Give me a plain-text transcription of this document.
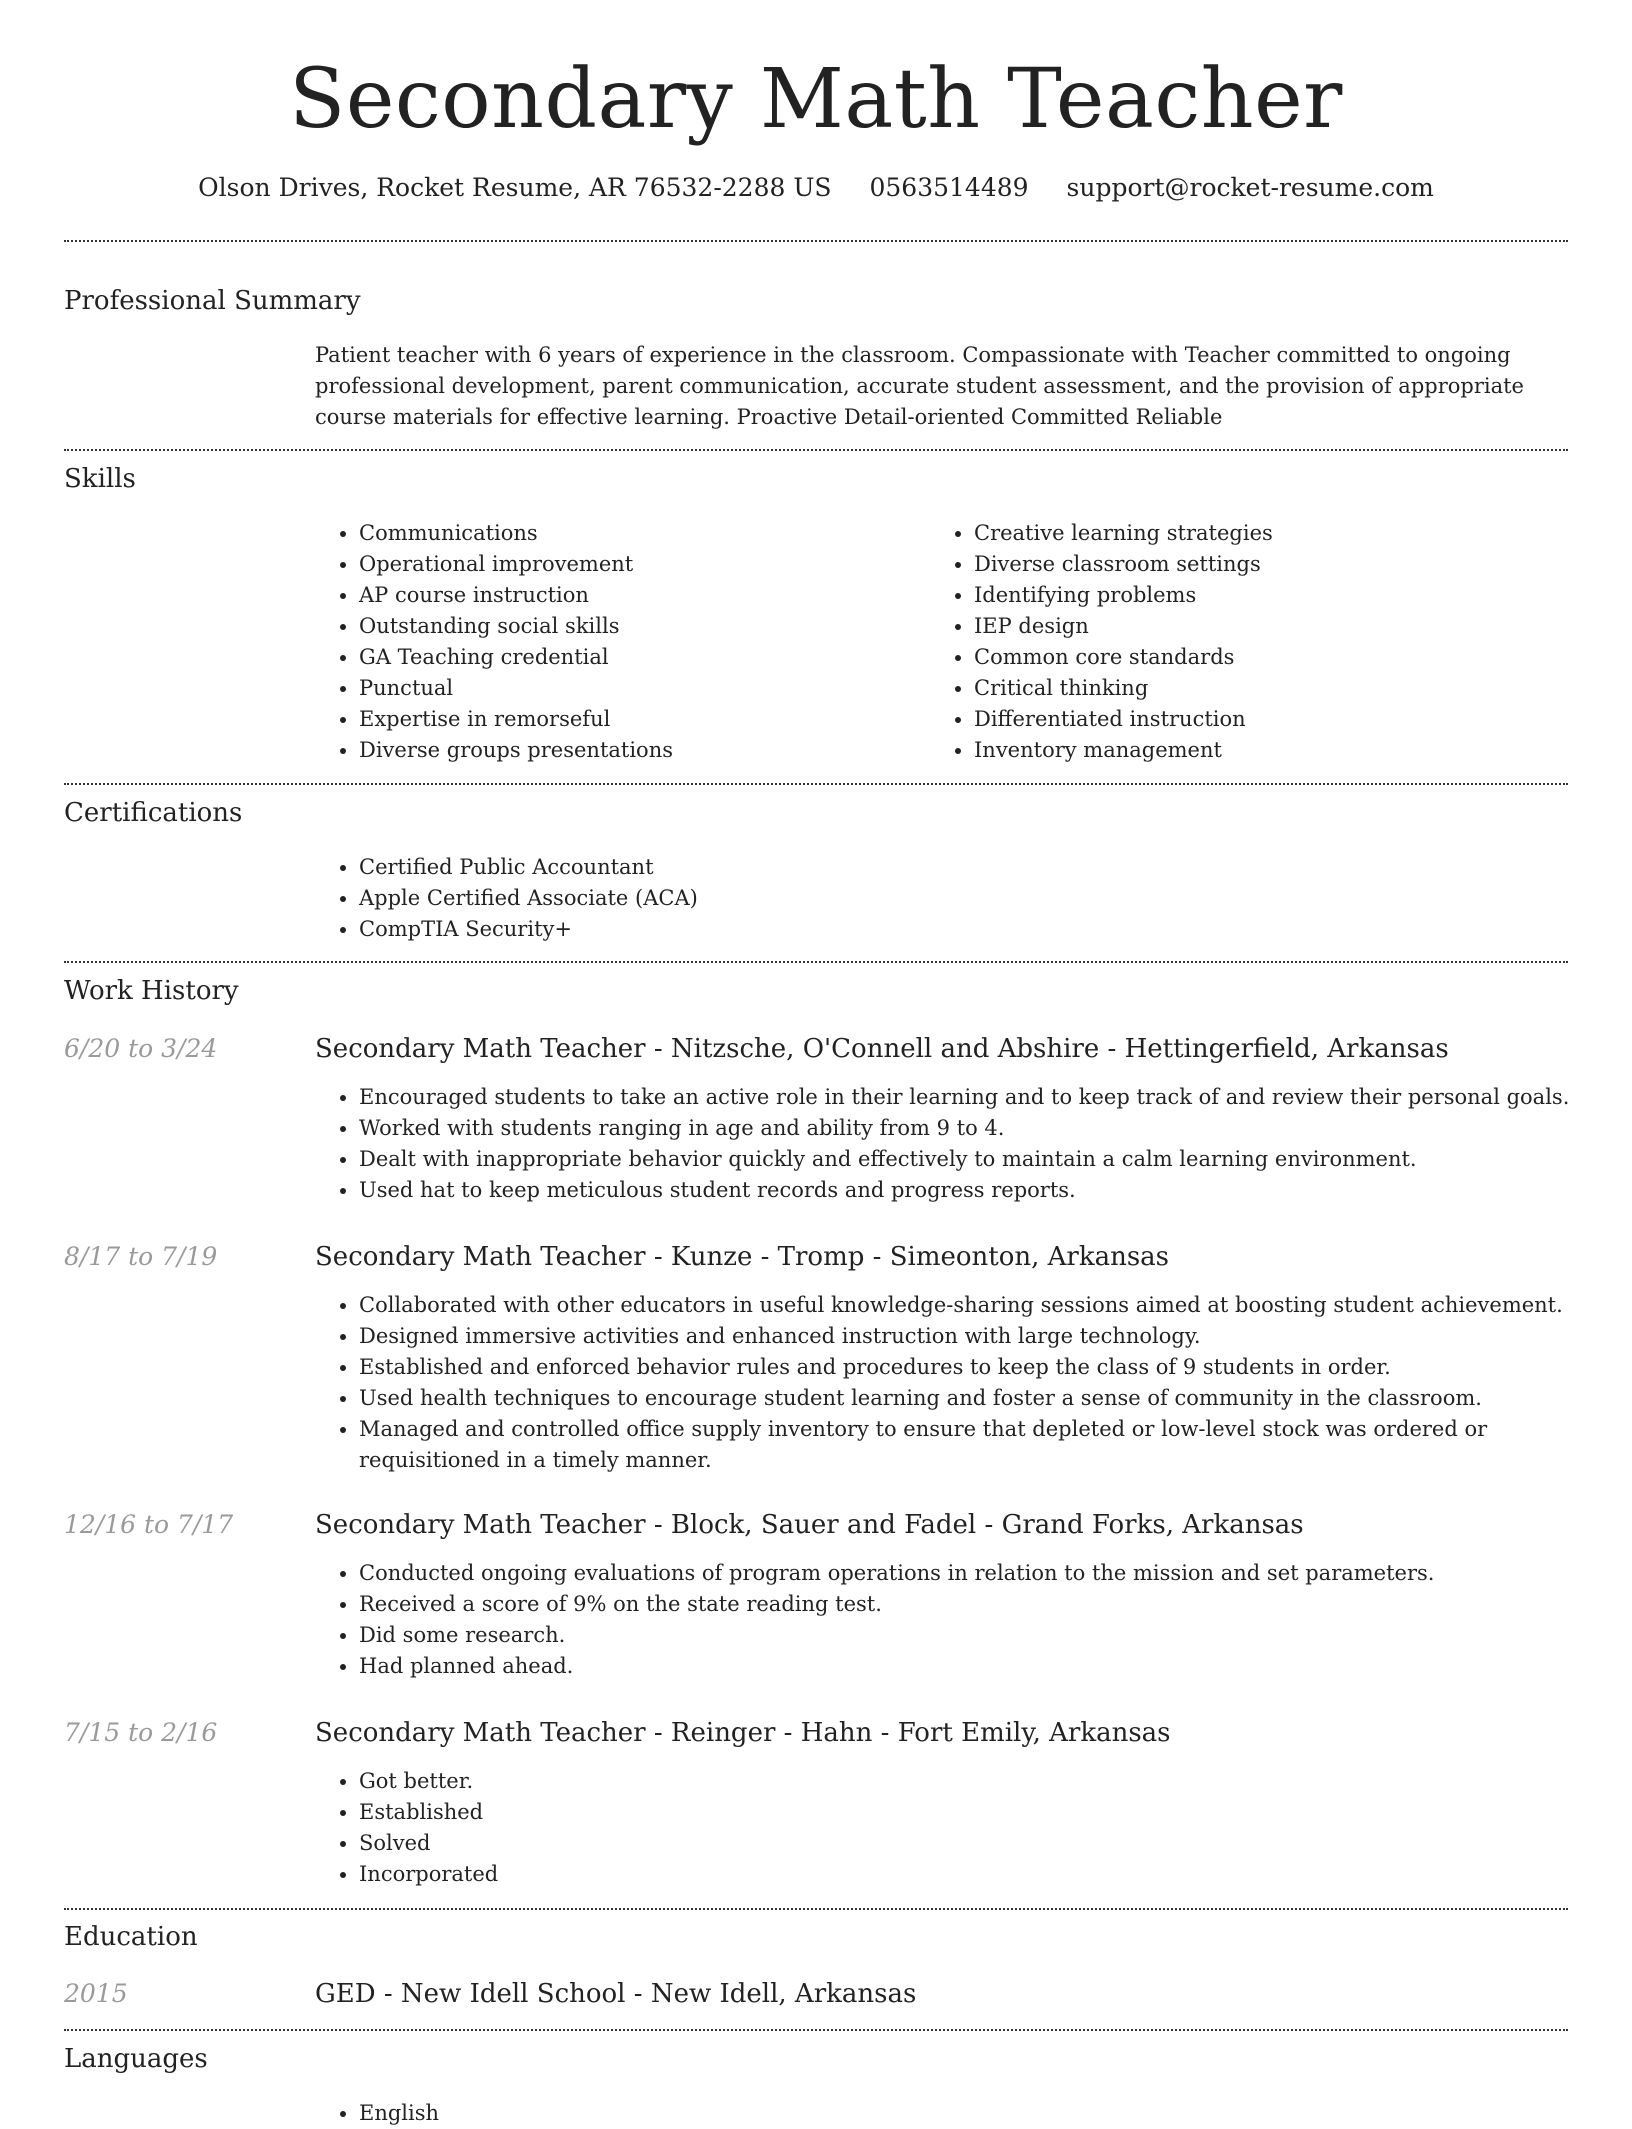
Secondary Math Teacher
Olson Drives, Rocket Resume, AR 76532-2288 US 0563514489 support@rocket-resume.com
Professional Summary
Patient teacher with 6 years of experience in the classroom. Compassionate with Teacher committed to ongoing professional development, parent communication, accurate student assessment, and the provision of appropriate course materials for effective learning. Proactive Detail-oriented Committed Reliable
Skills
• Communications
• Operational improvement
• AP course instruction
• Outstanding social skills
• GA Teaching credential
• Punctual
• Expertise in remorseful
• Diverse groups presentations
• Creative learning strategies
• Diverse classroom settings
• Identifying problems
• IEP design
• Common core standards
• Critical thinking
• Differentiated instruction
• Inventory management
Certifications
• Certified Public Accountant
• Apple Certified Associate (ACA)
• CompTIA Security+
Work History
6/20 to 3/24	Secondary Math Teacher - Nitzsche, O'Connell and Abshire - Hettingerfield, Arkansas
• Encouraged students to take an active role in their learning and to keep track of and review their personal goals.
• Worked with students ranging in age and ability from 9 to 4.
• Dealt with inappropriate behavior quickly and effectively to maintain a calm learning environment.
• Used hat to keep meticulous student records and progress reports.
8/17 to 7/19	Secondary Math Teacher - Kunze - Tromp - Simeonton, Arkansas
• Collaborated with other educators in useful knowledge-sharing sessions aimed at boosting student achievement.
• Designed immersive activities and enhanced instruction with large technology.
• Established and enforced behavior rules and procedures to keep the class of 9 students in order.
• Used health techniques to encourage student learning and foster a sense of community in the classroom.
• Managed and controlled office supply inventory to ensure that depleted or low-level stock was ordered or requisitioned in a timely manner.
12/16 to 7/17	Secondary Math Teacher - Block, Sauer and Fadel - Grand Forks, Arkansas
• Conducted ongoing evaluations of program operations in relation to the mission and set parameters.
• Received a score of 9% on the state reading test.
• Did some research.
• Had planned ahead.
7/15 to 2/16	Secondary Math Teacher - Reinger - Hahn - Fort Emily, Arkansas
• Got better.
• Established
• Solved
• Incorporated
Education
2015	GED - New Idell School - New Idell, Arkansas
Languages
• English
